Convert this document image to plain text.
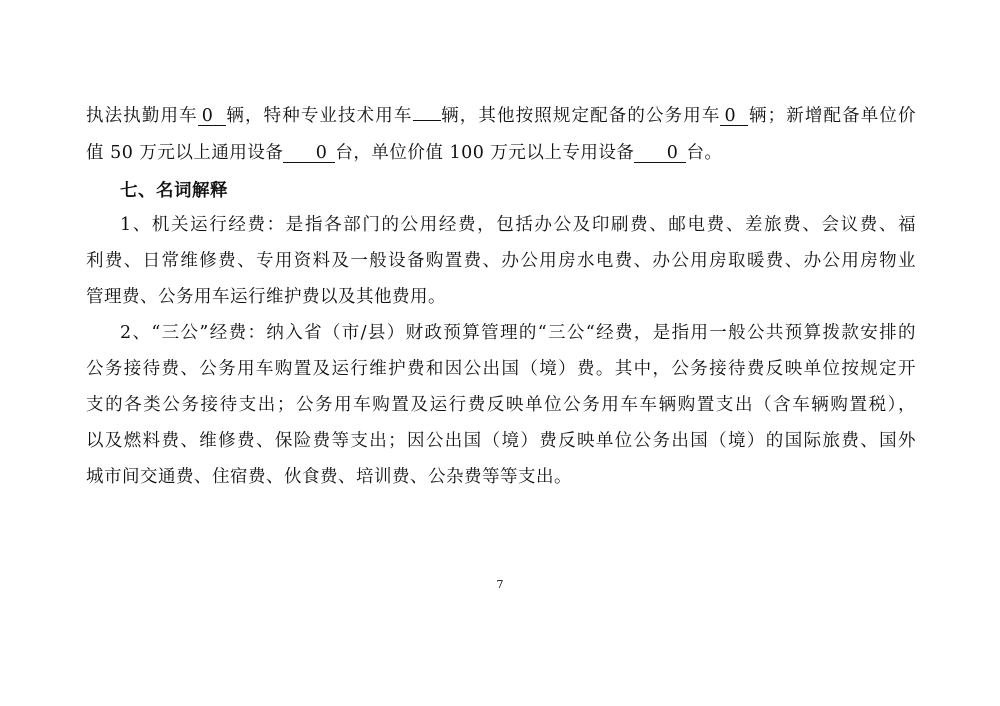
执法执勤用车 0 辆，特种专业技术用车 辆，其他按照规定配备的公务用车 0 辆；新增配备单位价
值 50 万元以上通用设备 0 台，单位价值 100 万元以上专用设备 0 台。
七、名词解释
1、机关运行经费：是指各部门的公用经费，包括办公及印刷费、邮电费、差旅费、会议费、福
利费、日常维修费、专用资料及一般设备购置费、办公用房水电费、办公用房取暖费、办公用房物业
管理费、公务用车运行维护费以及其他费用。
2、“三公”经费：纳入省（市/县）财政预算管理的“三公“经费，是指用一般公共预算拨款安排的
公务接待费、公务用车购置及运行维护费和因公出国（境）费。其中，公务接待费反映单位按规定开
支的各类公务接待支出；公务用车购置及运行费反映单位公务用车车辆购置支出（含车辆购置税），
以及燃料费、维修费、保险费等支出；因公出国（境）费反映单位公务出国（境）的国际旅费、国外
城市间交通费、住宿费、伙食费、培训费、公杂费等等支出。
7
